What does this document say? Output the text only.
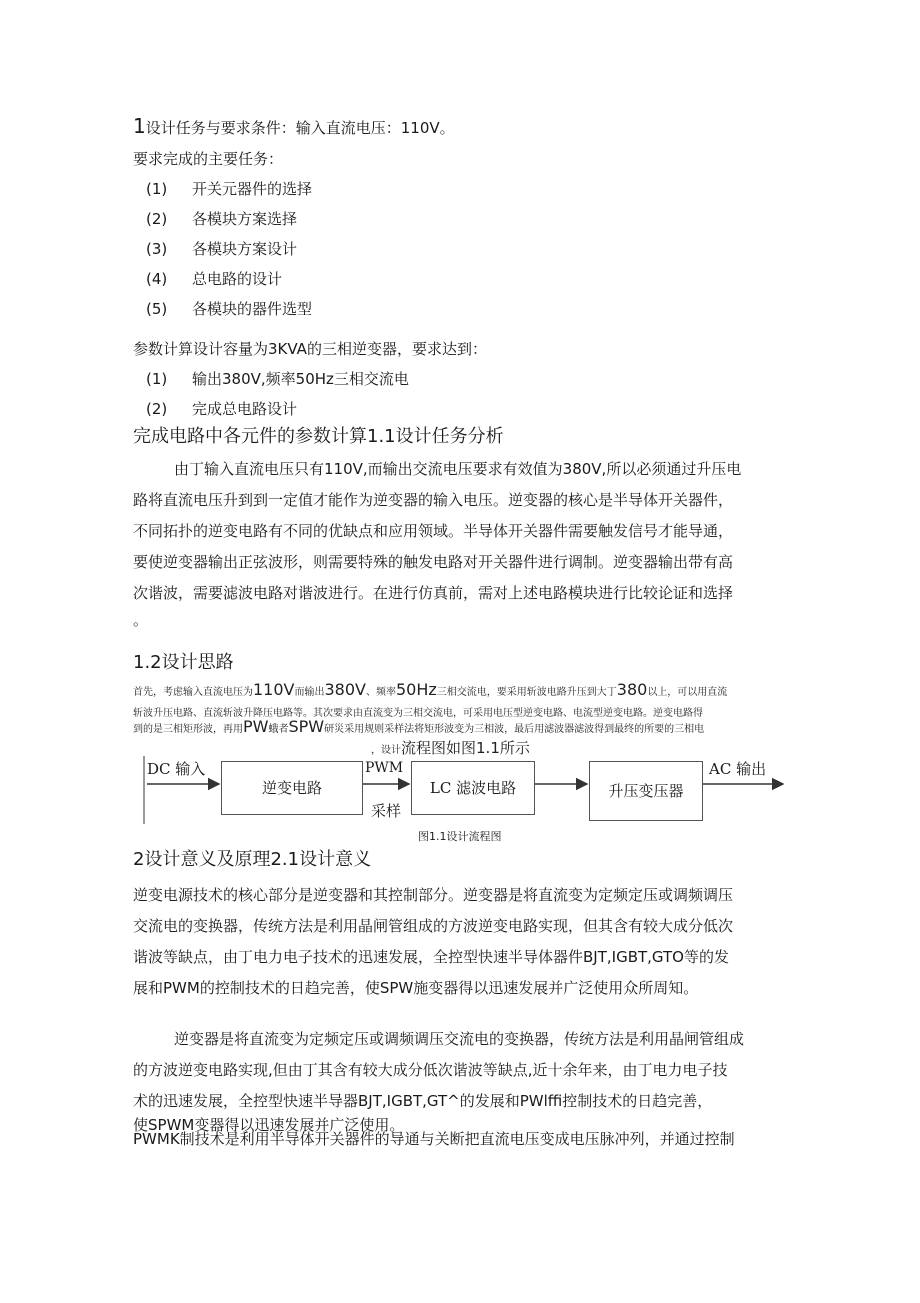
1设计任务与要求条件：输入直流电压：110V。
要求完成的主要任务：
(1) 开关元器件的选择
(2) 各模块方案选择
(3) 各模块方案设计
(4) 总电路的设计
(5) 各模块的器件选型
参数计算设计容量为3KVA的三相逆变器，要求达到：
(1) 输出380V,频率50Hz三相交流电
(2) 完成总电路设计
完成电路中各元件的参数计算1.1设计任务分析
由丁输入直流电压只有110V,而输出交流电压要求有效值为380V,所以必须通过升压电
路将直流电压升到到一定值才能作为逆变器的输入电压。逆变器的核心是半导体开关器件，
不同拓扑的逆变电路有不同的优缺点和应用领域。半导体开关器件需要触发信号才能导通，
要使逆变器输出正弦波形，则需要特殊的触发电路对开关器件进行调制。逆变器输出带有高
次谐波，需要滤波电路对谐波进行。在进行仿真前，需对上述电路模块进行比较论证和选择
。
1.2设计思路
首先，考虑输入直流电压为110V而输出380V、频率50Hz三相交流电，要采用斩波电路升压到大丁380以上，可以用直流
斩波升压电路、直流斩波升降压电路等。其次要求由直流变为三相交流电，可采用电压型逆变电路、电流型逆变电路。逆变电路得
到的是三相矩形波，再用PW蛾者SPW研災采用规则采样法将矩形波变为三相波，最后用滤波器滤波得到最终的所要的三相电
，设计流程图如图1.1所示
DC 输入
逆变电路
PWM
采样
LC 滤波电路	升压变压器
AC 输出
图1.1设计流程图
2设计意义及原理2.1设计意义
逆变电源技术的核心部分是逆变器和其控制部分。逆变器是将直流变为定频定压或调频调压
交流电的变换器，传统方法是利用晶闸管组成的方波逆变电路实现，但其含有较大成分低次
谐波等缺点，由丁电力电子技术的迅速发展，全控型快速半导体器件BJT,IGBT,GTO等的发
展和PWM的控制技术的日趋完善，使SPW施变器得以迅速发展并广泛使用众所周知。
逆变器是将直流变为定频定压或调频调压交流电的变换器，传统方法是利用晶闸管组成
的方波逆变电路实现,但由丁其含有较大成分低次谐波等缺点,近十余年来，由丁电力电子技
术的迅速发展，全控型快速半导器BJT,IGBT,GT^的发展和PWlffi控制技术的日趋完善，
使SPWM变器得以迅速发展并广泛使用。
PWMK制技术是利用半导体开关器件的导通与关断把直流电压变成电压脉冲列，并通过控制
